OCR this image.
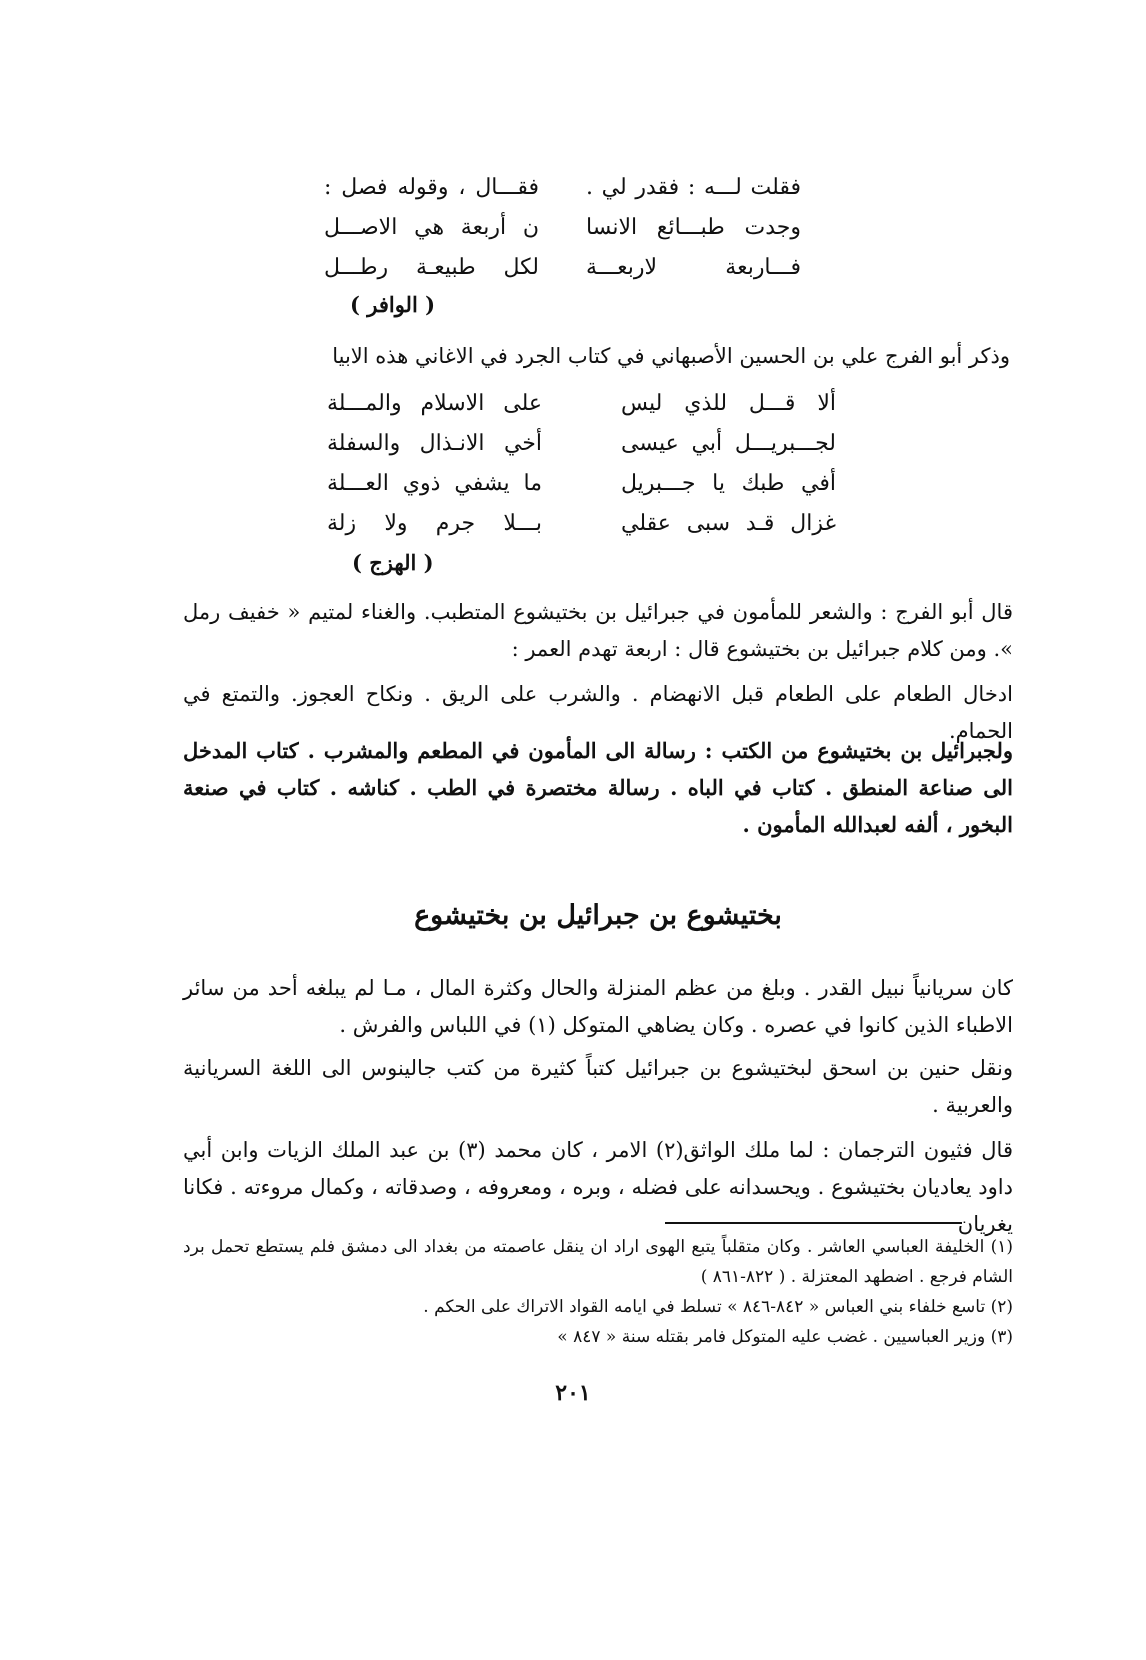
فقلت لـــه : فقدر لي .
فقـــال ، وقوله فصل :
وجدت طبـــائع الانسا
ن أربعة هي الاصـــل
فـــاربعة لاربعـــة
لكل طبيعـة رطـــل
( الوافر )
وذكر أبو الفرج علي بن الحسين الأصبهاني في كتاب الجرد في الاغاني هذه الابيا
ألا قـــل للذي ليس
على الاسلام والمـــلة
لجـــبريـــل أبي عيسى
أخي الانـذال والسفلة
أفي طبك يا جـــبريل
ما يشفي ذوي العـــلة
غزال قـد سبى عقلي
بـــلا جرم ولا زلة
( الهزج )
قال أبو الفرج : والشعر للمأمون في جبرائيل بن بختيشوع المتطبب. والغناء لمتيم « خفيف رمل ». ومن كلام جبرائيل بن بختيشوع قال : اربعة تهدم العمر :
ادخال الطعام على الطعام قبل الانهضام . والشرب على الريق . ونكاح العجوز. والتمتع في الحمام.
ولجبرائيل بن بختيشوع من الكتب : رسالة الى المأمون في المطعم والمشرب . كتاب المدخل الى صناعة المنطق . كتاب في الباه . رسالة مختصرة في الطب . كناشه . كتاب في صنعة البخور ، ألفه لعبدالله المأمون .
بختيشوع بن جبرائيل بن بختيشوع
كان سريانياً نبيل القدر . وبلغ من عظم المنزلة والحال وكثرة المال ، مـا لم يبلغه أحد من سائر الاطباء الذين كانوا في عصره . وكان يضاهي المتوكل (١) في اللباس والفرش .
ونقل حنين بن اسحق لبختيشوع بن جبرائيل كتباً كثيرة من كتب جالينوس الى اللغة السريانية والعربية .
قال فثيون الترجمان : لما ملك الواثق(٢) الامر ، كان محمد (٣) بن عبد الملك الزيات وابن أبي داود يعاديان بختيشوع . ويحسدانه على فضله ، وبره ، ومعروفه ، وصدقاته ، وكمال مروءته . فكانا يغريان
(١) الخليفة العباسي العاشر . وكان متقلباً يتبع الهوى اراد ان ينقل عاصمته من بغداد الى دمشق فلم يستطع تحمل برد الشام فرجع . اضطهد المعتزلة . ( ٨٢٢-٨٦١ )
(٢) تاسع خلفاء بني العباس « ٨٤٢-٨٤٦ » تسلط في ايامه القواد الاتراك على الحكم .
(٣) وزير العباسيين . غضب عليه المتوكل فامر بقتله سنة « ٨٤٧ »
٢٠١
